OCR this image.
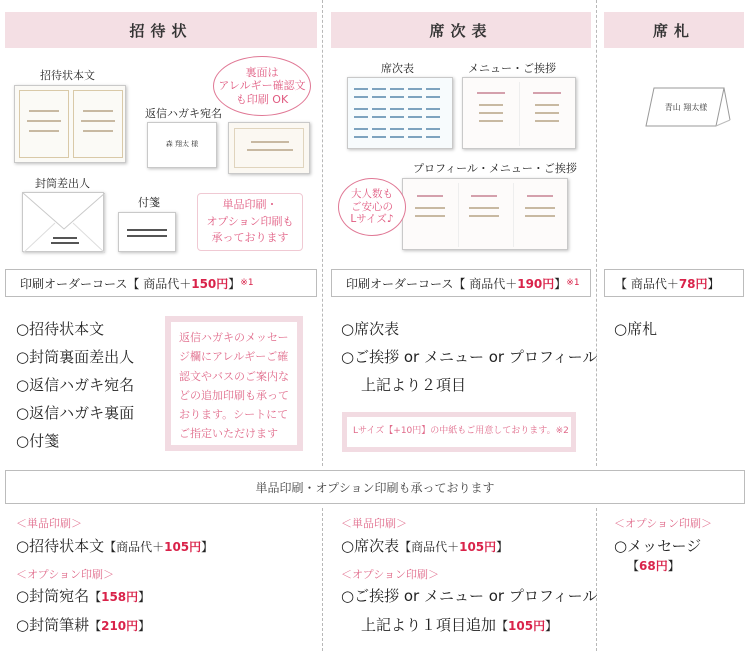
招待状	席次表	席札
招待状本文
返信ハガキ宛名
森 翔太 様
裏面は
アレルギー確認文
も印刷 OK
封筒差出人
付箋	単品印刷・
オプション印刷も
承っております
席次表	メニュー・ご挨拶
プロフィール・メニュー・ご挨拶
大人数も
ご安心の
Lサイズ♪
青山 翔太様
印刷オーダーコース【 商品代＋ 150円 】 ※1	印刷オーダーコース【 商品代＋ 190円 】 ※1	【 商品代＋ 78円 】
○招待状本文
○封筒裏面差出人
○返信ハガキ宛名
○返信ハガキ裏面
○付箋
返信ハガキのメッセージ欄にアレルギーご確認文やバスのご案内などの追加印刷も承っております。シートにてご指定いただけます
○席次表
○ご挨拶 or メニュー or プロフィール
上記より２項目
Lサイズ【+10円】の中紙もご用意しております。※2
○席札
単品印刷・オプション印刷も承っております
＜単品印刷＞
○招待状本文【商品代＋105円】
＜オプション印刷＞
○封筒宛名【158円】
○封筒筆耕【210円】
＜単品印刷＞
○席次表【商品代＋105円】
＜オプション印刷＞
○ご挨拶 or メニュー or プロフィール
上記より１項目追加【105円】
＜オプション印刷＞
○メッセージ
【68円】
